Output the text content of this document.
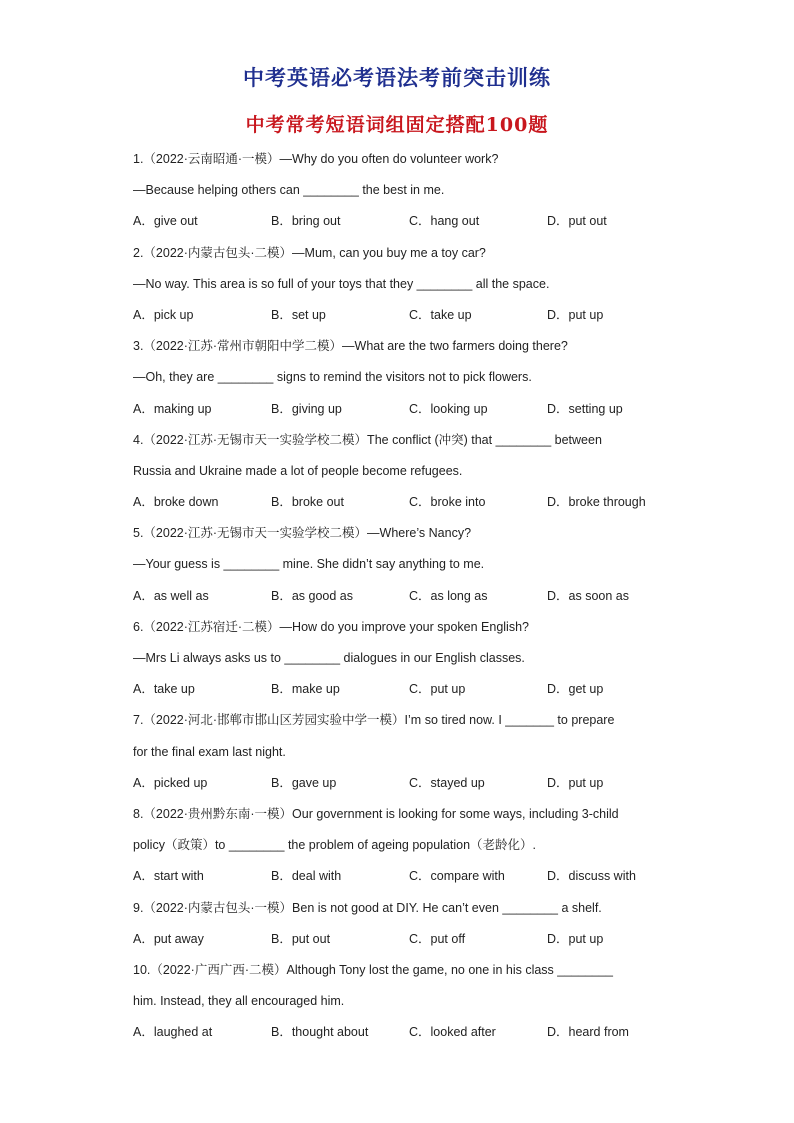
中考英语必考语法考前突击训练
中考常考短语词组固定搭配100题
1.（2022·云南昭通·一模）—Why do you often do volunteer work?
—Because helping others can ________ the best in me.
A．give out	B．bring out	C．hang out	D．put out
2.（2022·内蒙古包头·二模）—Mum, can you buy me a toy car?
—No way. This area is so full of your toys that they ________ all the space.
A．pick up	B．set up	C．take up	D．put up
3.（2022·江苏·常州市朝阳中学二模）—What are the two farmers doing there?
—Oh, they are ________ signs to remind the visitors not to pick flowers.
A．making up	B．giving up	C．looking up	D．setting up
4.（2022·江苏·无锡市天一实验学校二模）The conflict (冲突) that ________ between
Russia and Ukraine made a lot of people become refugees.
A．broke down	B．broke out	C．broke into	D．broke through
5.（2022·江苏·无锡市天一实验学校二模）—Where’s Nancy?
—Your guess is ________ mine. She didn’t say anything to me.
A．as well as	B．as good as	C．as long as	D．as soon as
6.（2022·江苏宿迁·二模）—How do you improve your spoken English?
—Mrs Li always asks us to ________ dialogues in our English classes.
A．take up	B．make up	C．put up	D．get up
7.（2022·河北·邯郸市邯山区芳园实验中学一模）I’m so tired now. I _______ to prepare
for the final exam last night.
A．picked up	B．gave up	C．stayed up	D．put up
8.（2022·贵州黔东南·一模）Our government is looking for some ways, including 3-child
policy（政策）to ________ the problem of ageing population（老龄化）.
A．start with	B．deal with	C．compare with	D．discuss with
9.（2022·内蒙古包头·一模）Ben is not good at DIY. He can’t even ________ a shelf.
A．put away	B．put out	C．put off	D．put up
10.（2022·广西广西·二模）Although Tony lost the game, no one in his class ________
him. Instead, they all encouraged him.
A．laughed at	B．thought about	C．looked after	D．heard from
